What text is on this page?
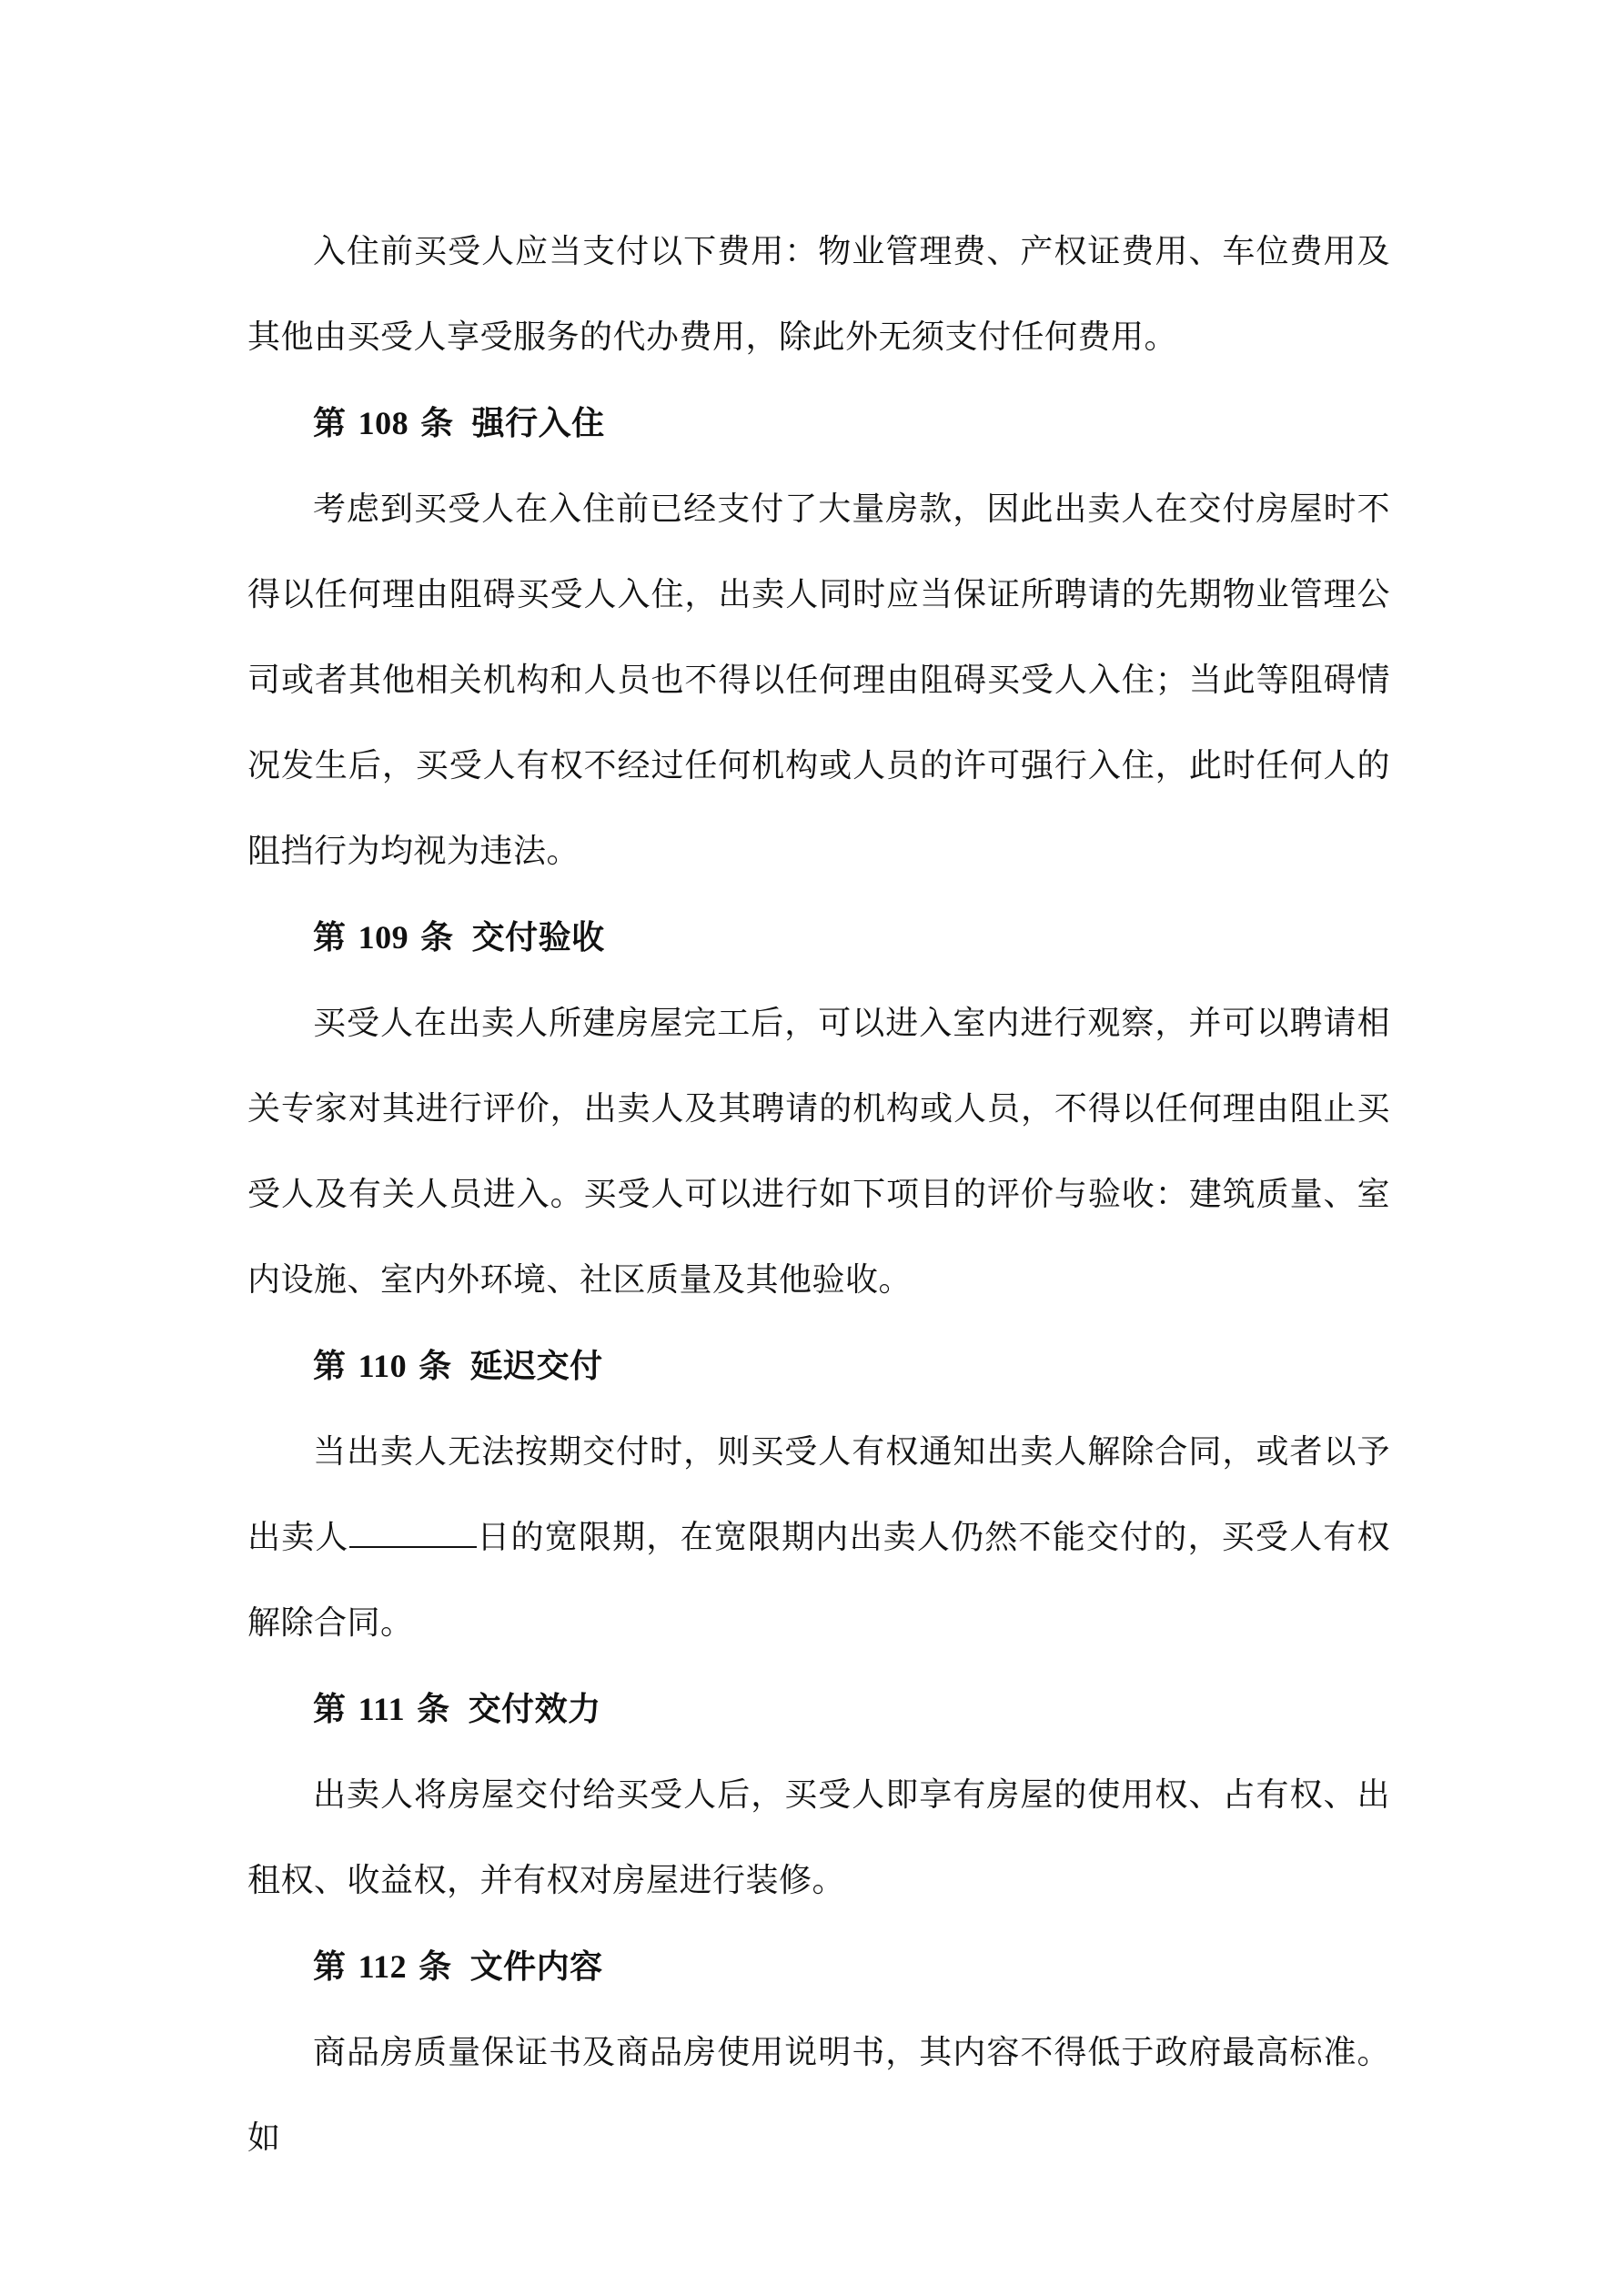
入住前买受人应当支付以下费用：物业管理费、产权证费用、车位费用及其他由买受人享受服务的代办费用，除此外无须支付任何费用。

第 108 条 强行入住

考虑到买受人在入住前已经支付了大量房款，因此出卖人在交付房屋时不得以任何理由阻碍买受人入住，出卖人同时应当保证所聘请的先期物业管理公司或者其他相关机构和人员也不得以任何理由阻碍买受人入住；当此等阻碍情况发生后，买受人有权不经过任何机构或人员的许可强行入住，此时任何人的阻挡行为均视为违法。

第 109 条 交付验收

买受人在出卖人所建房屋完工后，可以进入室内进行观察，并可以聘请相关专家对其进行评价，出卖人及其聘请的机构或人员，不得以任何理由阻止买受人及有关人员进入。买受人可以进行如下项目的评价与验收：建筑质量、室内设施、室内外环境、社区质量及其他验收。

第 110 条 延迟交付

当出卖人无法按期交付时，则买受人有权通知出卖人解除合同，或者以予出卖人	日的宽限期，在宽限期内出卖人仍然不能交付的，买受人有权解除合同。

第 111 条 交付效力

出卖人将房屋交付给买受人后，买受人即享有房屋的使用权、占有权、出租权、收益权，并有权对房屋进行装修。

第 112 条 文件内容

商品房质量保证书及商品房使用说明书，其内容不得低于政府最高标准。如
